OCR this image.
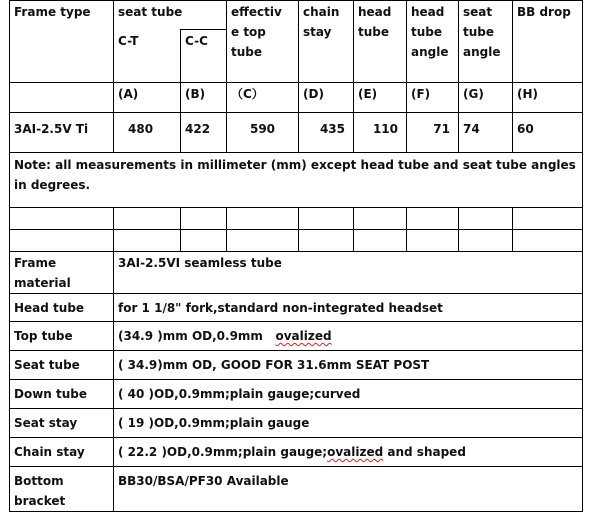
Frame type	seat tube		effectiv e top tube	chain stay	head tube	head tube angle	seat tube angle	BB drop
	C-T	C-C						
	(A)	(B)	（C）	(D)	(E)	(F)	(G)	(H)
3AI-2.5V Ti	480	422	590	435	110	71	74	60
Note: all measurements in millimeter (mm) except head tube and seat tube angles in degrees.								

Frame material	3AI-2.5VI seamless tube							
Head tube	for 1 1/8" fork,standard non-integrated headset							
Top tube	(34.9 )mm OD,0.9mm   ovalized							
Seat tube	( 34.9)mm OD, GOOD FOR 31.6mm SEAT POST							
Down tube	( 40 )OD,0.9mm;plain gauge;curved							
Seat stay	( 19 )OD,0.9mm;plain gauge							
Chain stay	( 22.2 )OD,0.9mm;plain gauge;ovalized and shaped							
Bottom bracket	BB30/BSA/PF30 Available							
